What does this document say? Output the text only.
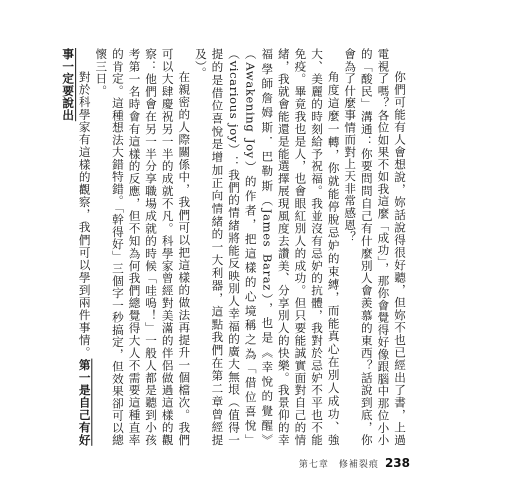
你們可能有人會想說，妳話說得很好聽，但妳不也已經出了書，上過電視了嗎？各位如果不如我這麼「成功」，那你會覺得好像跟腦中那位小小的「酸民」溝通：你要問問自己有什麼別人會羨慕的東西？話說到底，你會為了什麼事情而對上天非常感恩？

角度這麼一轉，你就能停脫忌妒的束縛，而能真心在別人成功、強大、美麗的時刻給予祝福。我並沒有忌妒的抗體，我對於忌妒不平也不能免疫。畢竟我也是人，也會眼紅別人的成功。但只要能誠實面對自己的情緒，我就會能還是能選擇展現風度去讚美、分享別人的快樂。我景仰的幸福學師詹姆斯．巴勒斯（James Baraz），也是《幸悅的覺醒》（Awakening Joy）的作者，把這樣的心境稱之為「借位喜悅」（vicarious joy）：我們的情緒將能反映別人幸福的廣大無垠（值得一提的是借位喜悅是增加正向情緒的一大利器，這點我們在第二章曾經提及）。

在親密的人際關係中，我們可以把這樣的做法再提升一個檔次。我們可以大肆慶祝另一半的成就不凡。科學家曾經對美滿的伴侶做過這樣的觀察：他們會在另一半分享職場成就的時候「哇嗚！」一般人都是聽到小孩考第一名時會有這樣的反應，但不知為何我們總覺得大人不需要這種直率的肯定。這種想法大錯特錯。「幹得好」三個字一秒搞定，但效果卻可以總懷三日。

對於科學家有這樣的觀察，我們可以學到兩件事情。第一是自己有好事一定要說出

第七章　修補裂痕 238
